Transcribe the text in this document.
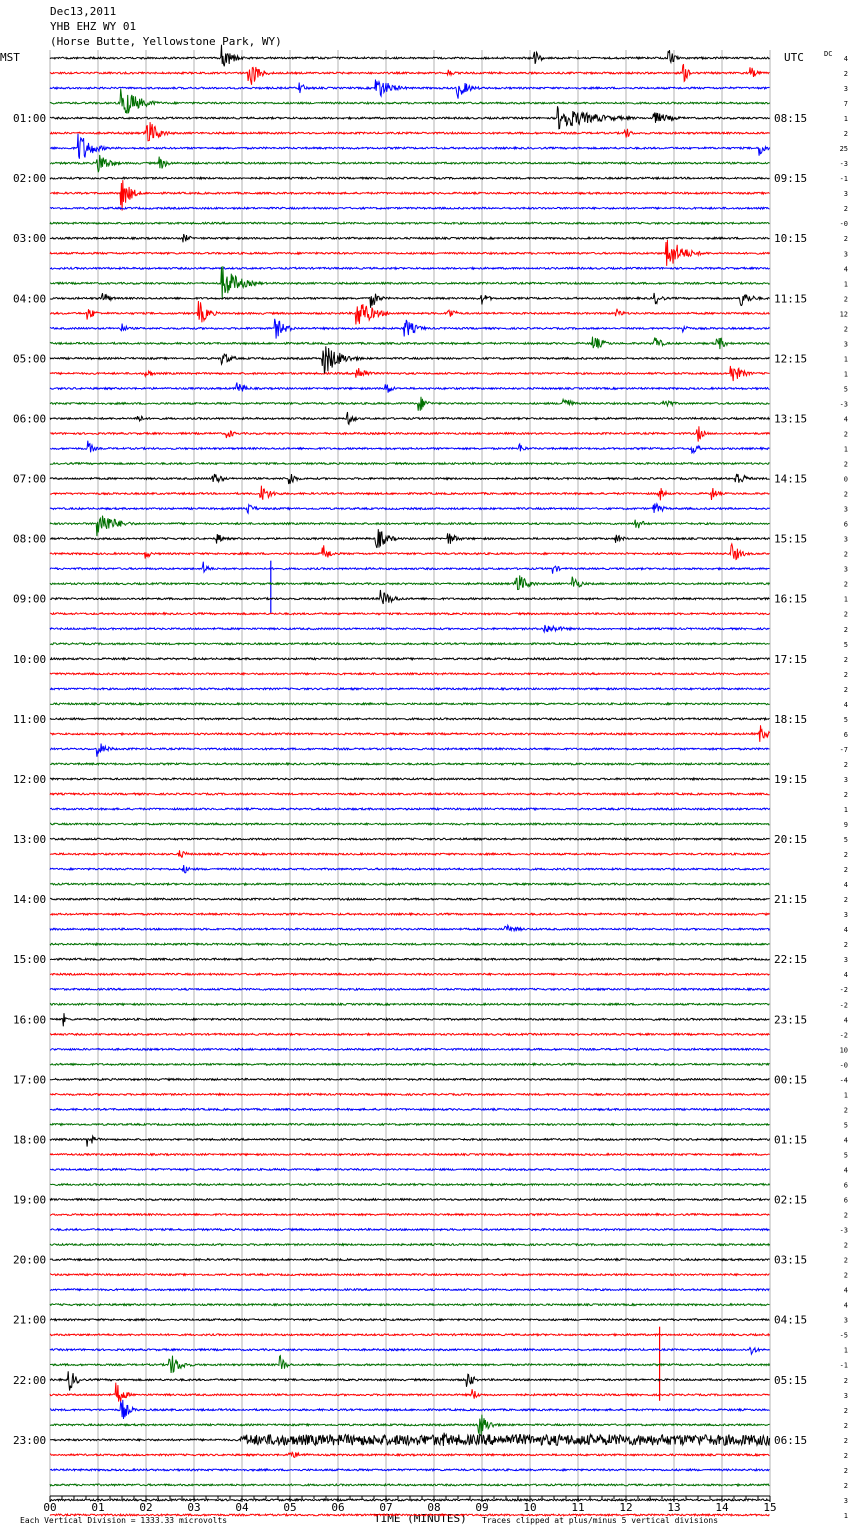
Dec13,2011
YHB EHZ WY 01
(Horse Butte, Yellowstone Park, WY)
MST	UTC	DC
TIME (MINUTES)
Each Vertical Division = 1333.33 microvolts	Traces clipped at plus/minus 5 vertical divisions
01:00
02:00
03:00
04:00
05:00
06:00
07:00
08:00
09:00
10:00
11:00
12:00
13:00
14:00
15:00
16:00
17:00
18:00
19:00
20:00
21:00
22:00
23:00
08:15
09:15
10:15
11:15
12:15
13:15
14:15
15:15
16:15
17:15
18:15
19:15
20:15
21:15
22:15
23:15
00:15
01:15
02:15
03:15
04:15
05:15
06:15
4
2
3
7
1
2
25
-3
-1
3
2
-0
2
3
4
1
2
12
2
3
1
1
5
-3
4
2
1
2
0
2
3
6
3
2
3
2
1
2
2
5
2
2
2
4
5
6
-7
2
3
2
1
9
5
2
2
4
2
3
4
2
3
4
-2
-2
4
-2
10
-0
-4
1
2
5
4
5
4
6
6
2
-3
2
2
2
4
4
3
-5
1
-1
2
3
2
2
2
2
2
2
3
1
00	01	02	03	04	05	06	07	08	09	10	11	12	13	14	15
